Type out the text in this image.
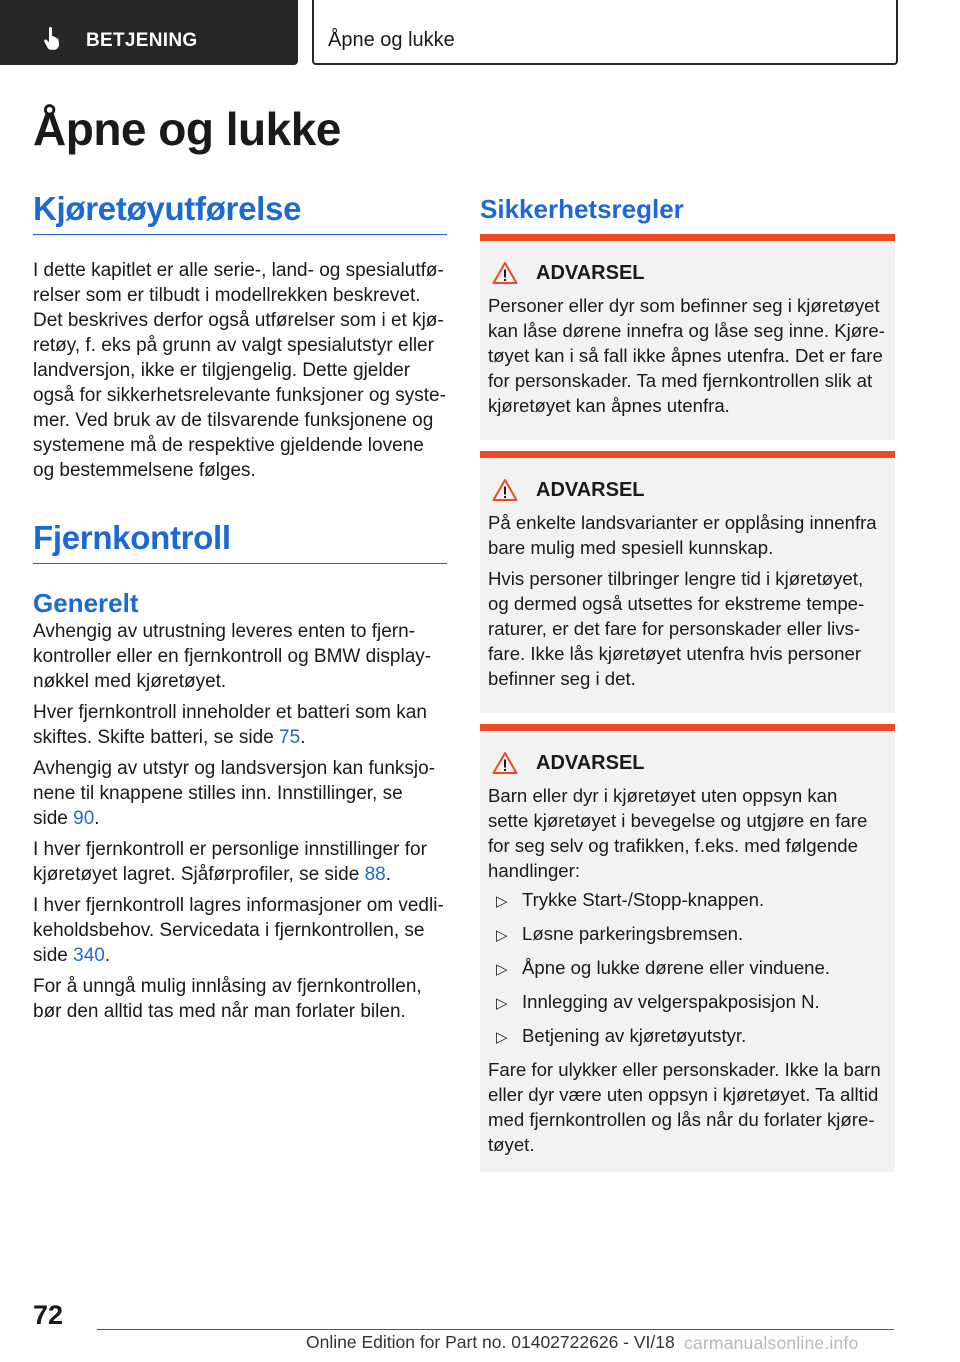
BETJENING	Åpne og lukke
Åpne og lukke
Kjøretøyutførelse

I dette kapitlet er alle serie-, land- og spesialutfø-
relser som er tilbudt i modellrekken beskrevet.
Det beskrives derfor også utførelser som i et kjø-
retøy, f. eks på grunn av valgt spesialutstyr eller
landversjon, ikke er tilgjengelig. Dette gjelder
også for sikkerhetsrelevante funksjoner og syste-
mer. Ved bruk av de tilsvarende funksjonene og
systemene må de respektive gjeldende lovene
og bestemmelsene følges.

Fjernkontroll
Generelt

Avhengig av utrustning leveres enten to fjern-
kontroller eller en fjernkontroll og BMW display-
nøkkel med kjøretøyet.

Hver fjernkontroll inneholder et batteri som kan
skiftes. Skifte batteri, se side 75.

Avhengig av utstyr og landsversjon kan funksjo-
nene til knappene stilles inn. Innstillinger, se
side 90.

I hver fjernkontroll er personlige innstillinger for
kjøretøyet lagret. Sjåførprofiler, se side 88.

I hver fjernkontroll lagres informasjoner om vedli-
keholdsbehov. Servicedata i fjernkontrollen, se
side 340.

For å unngå mulig innlåsing av fjernkontrollen,
bør den alltid tas med når man forlater bilen.

Sikkerhetsregler
ADVARSEL

Personer eller dyr som befinner seg i kjøretøyet
kan låse dørene innefra og låse seg inne. Kjøre-
tøyet kan i så fall ikke åpnes utenfra. Det er fare
for personskader. Ta med fjernkontrollen slik at
kjøretøyet kan åpnes utenfra.

ADVARSEL

På enkelte landsvarianter er opplåsing innenfra
bare mulig med spesiell kunnskap.

Hvis personer tilbringer lengre tid i kjøretøyet,
og dermed også utsettes for ekstreme tempe-
raturer, er det fare for personskader eller livs-
fare. Ikke lås kjøretøyet utenfra hvis personer
befinner seg i det.

ADVARSEL

Barn eller dyr i kjøretøyet uten oppsyn kan
sette kjøretøyet i bevegelse og utgjøre en fare
for seg selv og trafikken, f.eks. med følgende
handlinger:

▷ Trykke Start-/Stopp-knappen.
▷ Løsne parkeringsbremsen.
▷ Åpne og lukke dørene eller vinduene.
▷ Innlegging av velgerspakposisjon N.
▷ Betjening av kjøretøyutstyr.

Fare for ulykker eller personskader. Ikke la barn
eller dyr være uten oppsyn i kjøretøyet. Ta alltid
med fjernkontrollen og lås når du forlater kjøre-
tøyet.

72
Online Edition for Part no. 01402722626 - VI/18 carmanualsonline.info
